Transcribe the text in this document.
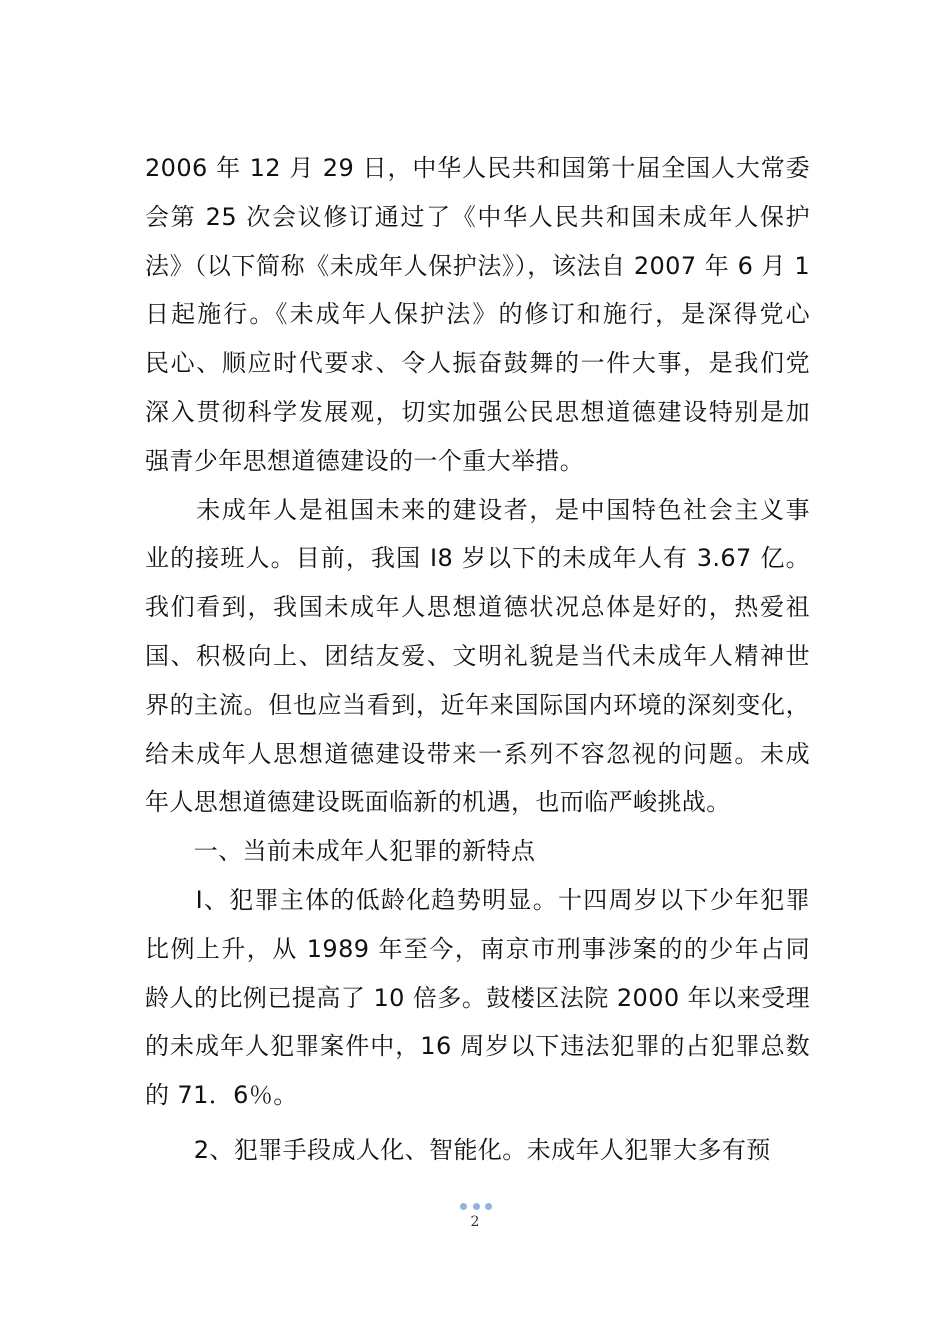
2006 年 12 月 29 日，中华人民共和国第十届全国人大常委
会第 25 次会议修订通过了《中华人民共和国未成年人保护
法》（以下简称《未成年人保护法》），该法自 2007 年 6 月 1
日起施行。《未成年人保护法》的修订和施行，是深得党心
民心、顺应时代要求、令人振奋鼓舞的一件大事，是我们党
深入贯彻科学发展观，切实加强公民思想道德建设特别是加
强青少年思想道德建设的一个重大举措。
　　未成年人是祖国未来的建设者，是中国特色社会主义事
业的接班人。目前，我国 I8 岁以下的未成年人有 3.67 亿。
我们看到，我国未成年人思想道德状况总体是好的，热爱祖
国、积极向上、团结友爱、文明礼貌是当代未成年人精神世
界的主流。但也应当看到，近年来国际国内环境的深刻变化，
给未成年人思想道德建设带来一系列不容忽视的问题。未成
年人思想道德建设既面临新的机遇，也而临严峻挑战。
　　一、当前未成年人犯罪的新特点
　　I、犯罪主体的低龄化趋势明显。十四周岁以下少年犯罪
比例上升，从 1989 年至今，南京市刑事涉案的的少年占同
龄人的比例已提高了 10 倍多。鼓楼区法院 2000 年以来受理
的未成年人犯罪案件中，16 周岁以下违法犯罪的占犯罪总数
的 71．6％。
　　2、犯罪手段成人化、智能化。未成年人犯罪大多有预
2
